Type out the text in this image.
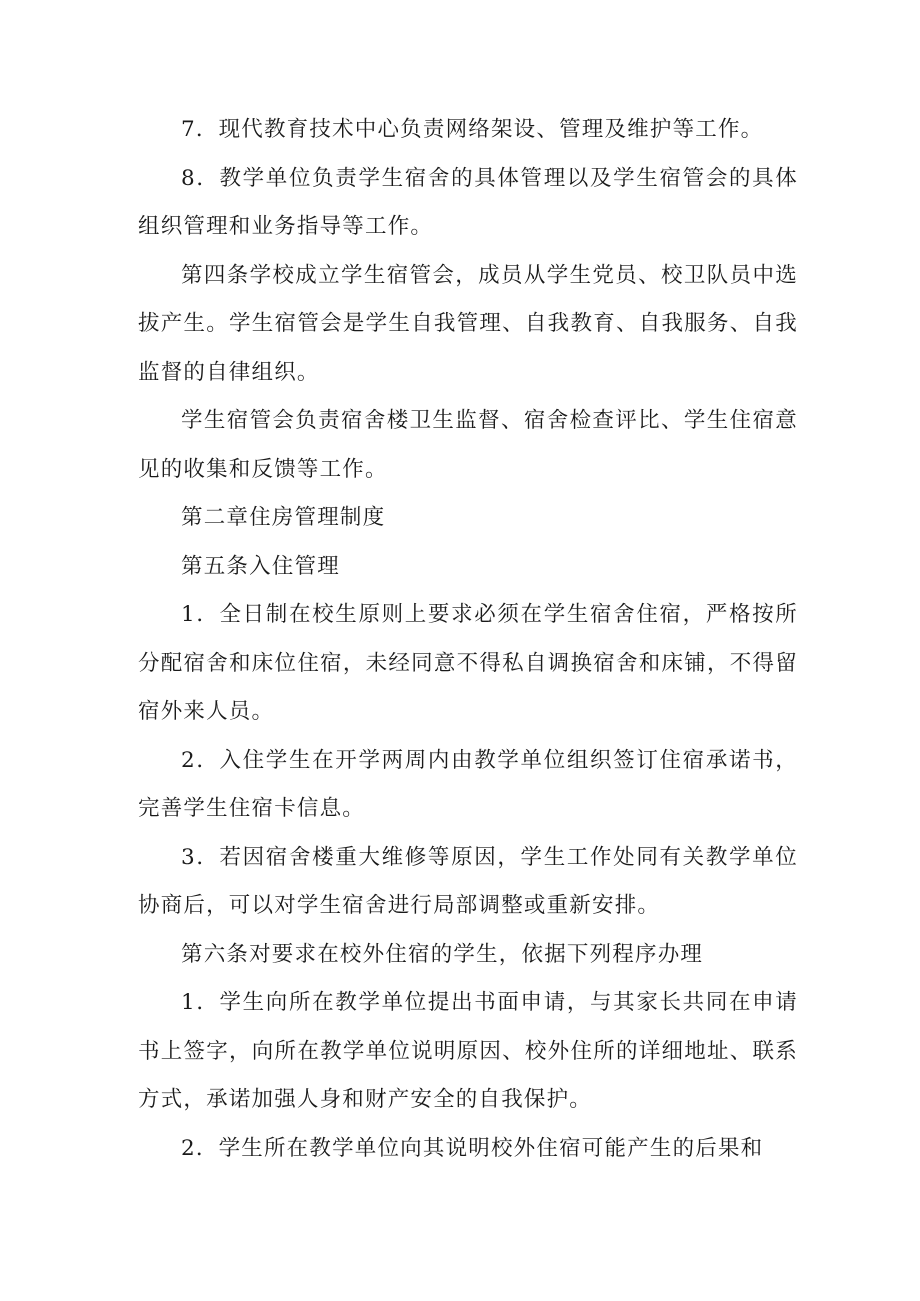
7．现代教育技术中心负责网络架设、管理及维护等工作。

8．教学单位负责学生宿舍的具体管理以及学生宿管会的具体组织管理和业务指导等工作。

第四条学校成立学生宿管会，成员从学生党员、校卫队员中选拔产生。学生宿管会是学生自我管理、自我教育、自我服务、自我监督的自律组织。

学生宿管会负责宿舍楼卫生监督、宿舍检查评比、学生住宿意见的收集和反馈等工作。

第二章住房管理制度

第五条入住管理

1．全日制在校生原则上要求必须在学生宿舍住宿，严格按所分配宿舍和床位住宿，未经同意不得私自调换宿舍和床铺，不得留宿外来人员。

2．入住学生在开学两周内由教学单位组织签订住宿承诺书，完善学生住宿卡信息。

3．若因宿舍楼重大维修等原因，学生工作处同有关教学单位协商后，可以对学生宿舍进行局部调整或重新安排。

第六条对要求在校外住宿的学生，依据下列程序办理

1．学生向所在教学单位提出书面申请，与其家长共同在申请书上签字，向所在教学单位说明原因、校外住所的详细地址、联系方式，承诺加强人身和财产安全的自我保护。

2．学生所在教学单位向其说明校外住宿可能产生的后果和
